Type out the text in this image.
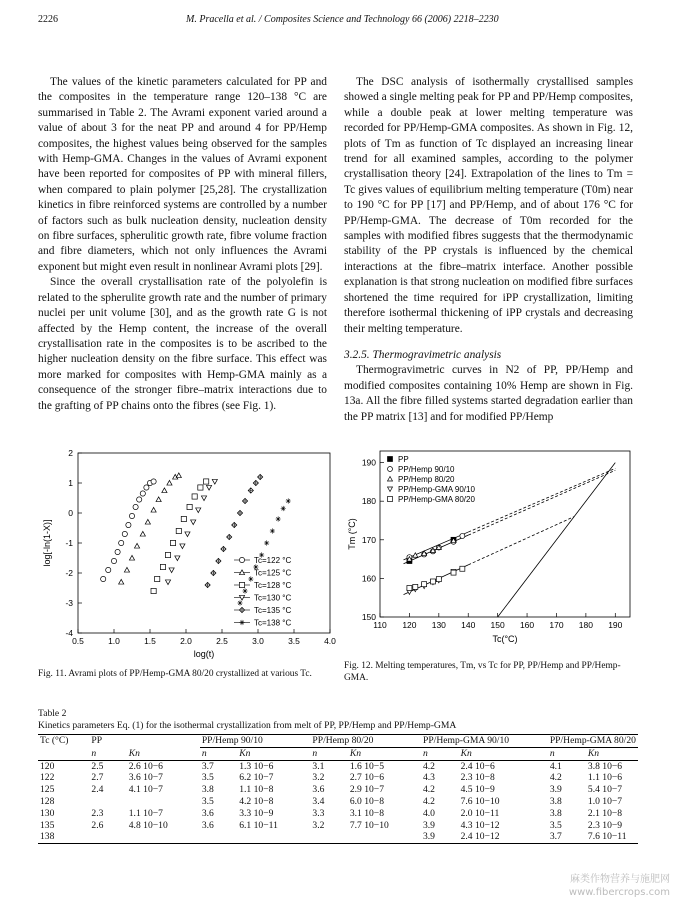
2226	M. Pracella et al. / Composites Science and Technology 66 (2006) 2218–2230

The values of the kinetic parameters calculated for PP and the composites in the temperature range 120–138 °C are summarised in Table 2. The Avrami exponent varied around a value of about 3 for the neat PP and around 4 for PP/Hemp composites, the highest values being observed for the samples with Hemp-GMA. Changes in the values of Avrami exponent have been reported for composites of PP with mineral fillers, when compared to plain polymer [25,28]. The crystallization kinetics in fibre reinforced systems are controlled by a number of factors such as bulk nucleation density, nucleation density on fibre surfaces, spherulitic growth rate, fibre volume fraction and fibre diameters, which not only influences the Avrami exponent but might even result in nonlinear Avrami plots [29].

Since the overall crystallisation rate of the polyolefin is related to the spherulite growth rate and the number of primary nuclei per unit volume [30], and as the growth rate G is not affected by the Hemp content, the increase of the overall crystallisation rate in the composites is to be ascribed to the higher nucleation density on the fibre surface. This effect was more marked for composites with Hemp-GMA mainly as a consequence of the stronger fibre–matrix interactions due to the grafting of PP chains onto the fibres (see Fig. 1).

The DSC analysis of isothermally crystallised samples showed a single melting peak for PP and PP/Hemp composites, while a double peak at lower melting temperature was recorded for PP/Hemp-GMA composites. As shown in Fig. 12, plots of Tm as function of Tc displayed an increasing linear trend for all examined samples, according to the polymer crystallisation theory [24]. Extrapolation of the lines to Tm = Tc gives values of equilibrium melting temperature (T0m) near to 190 °C for PP [17] and PP/Hemp, and of about 176 °C for PP/Hemp-GMA. The decrease of T0m recorded for the samples with modified fibres suggests that the thermodynamic stability of the PP crystals is influenced by the chemical interactions at the fibre–matrix interface. Another possible explanation is that strong nucleation on modified fibre surfaces shortened the time required for iPP crystallization, limiting therefore isothermal thickening of iPP crystals and decreasing their melting temperature.

3.2.5. Thermogravimetric analysis

Thermogravimetric curves in N2 of PP, PP/Hemp and modified composites containing 10% Hemp are shown in Fig. 13a. All the fibre filled systems started degradation earlier than the PP matrix [13] and for modified PP/Hemp

0.5	1.0	1.5	2.0	2.5	3.0	3.5	4.0
2
1
0
-1
-2
-3
-4
log(t)
log[-ln(1-X)]	Tc=122 °C
Tc=125 °C
Tc=128 °C
Tc=130 °C
Tc=135 °C
Tc=138 °C
Fig. 11. Avrami plots of PP/Hemp-GMA 80/20 crystallized at various Tc.
110 120 130 140 150 160 170 180 190
190
180
170
160
150
Tc(°C)
Tm (°C)
PP
PP/Hemp 90/10
PP/Hemp 80/20
PP/Hemp-GMA 90/10
PP/Hemp-GMA 80/20
Fig. 12. Melting temperatures, Tm, vs Tc for PP, PP/Hemp and PP/Hemp-GMA.
Table 2
Kinetics parameters Eq. (1) for the isothermal crystallization from melt of PP, PP/Hemp and PP/Hemp-GMA
Tc (°C)	PP		PP/Hemp 90/10		PP/Hemp 80/20		PP/Hemp-GMA 90/10		PP/Hemp-GMA 80/20	
	n	Kn	n	Kn	n	Kn	n	Kn	n	Kn
120	2.5	2.6 10−6	3.7	1.3 10−6	3.1	1.6 10−5	4.2	2.4 10−6	4.1	3.8 10−6
122	2.7	3.6 10−7	3.5	6.2 10−7	3.2	2.7 10−6	4.3	2.3 10−8	4.2	1.1 10−6
125	2.4	4.1 10−7	3.8	1.1 10−8	3.6	2.9 10−7	4.2	4.5 10−9	3.9	5.4 10−7
128			3.5	4.2 10−8	3.4	6.0 10−8	4.2	7.6 10−10	3.8	1.0 10−7
130	2.3	1.1 10−7	3.6	3.3 10−9	3.3	3.1 10−8	4.0	2.0 10−11	3.8	2.1 10−8
135	2.6	4.8 10−10	3.6	6.1 10−11	3.2	7.7 10−10	3.9	4.3 10−12	3.5	2.3 10−9
138							3.9	2.4 10−12	3.7	7.6 10−11
麻类作物营养与施肥网
www.fibercrops.com
